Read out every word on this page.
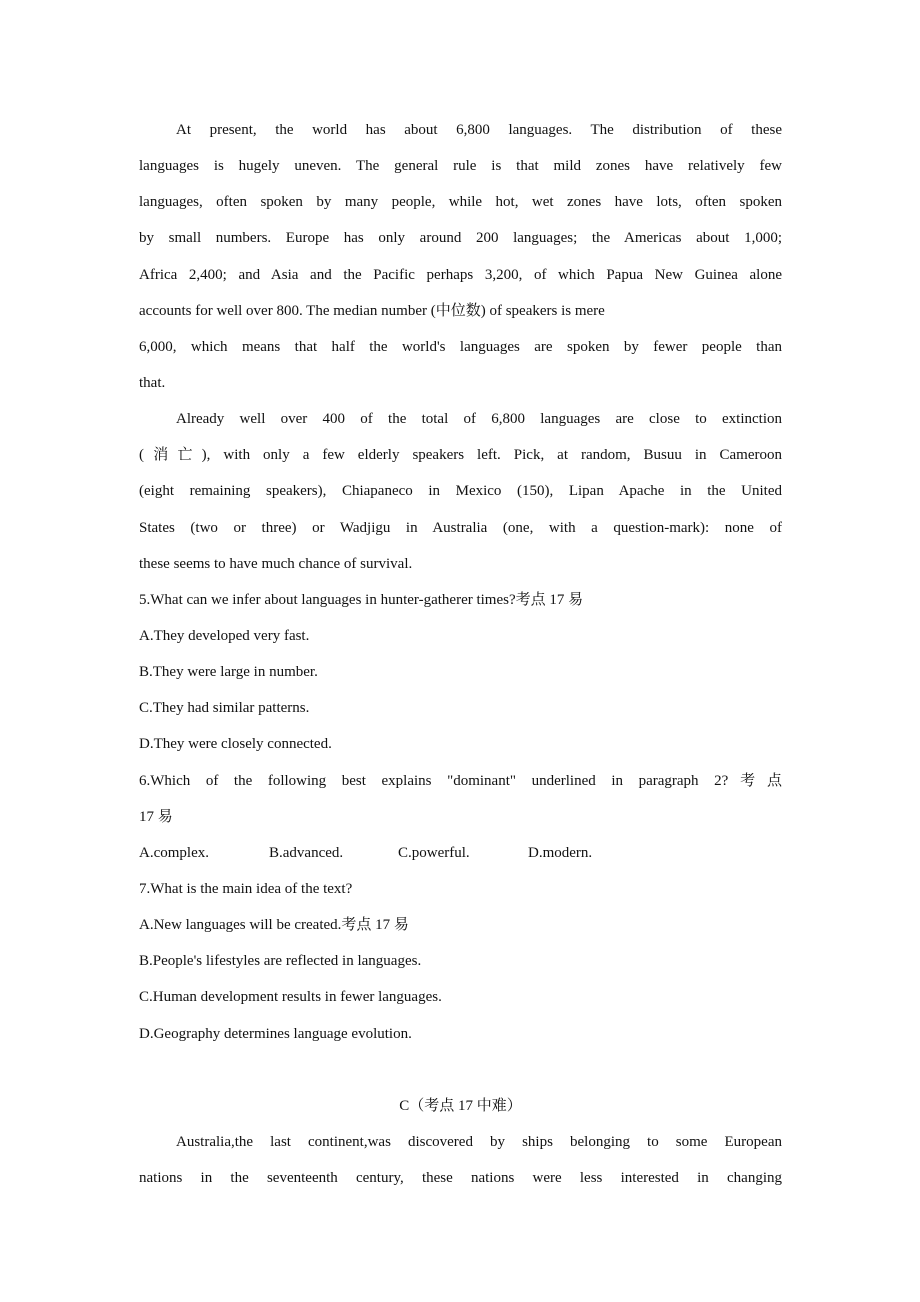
At present, the world has about 6,800 languages. The distribution of these
languages is hugely uneven. The general rule is that mild zones have relatively few
languages, often spoken by many people, while hot, wet zones have lots, often spoken
by small numbers. Europe has only around 200 languages; the Americas about 1,000;
Africa 2,400; and Asia and the Pacific perhaps 3,200, of which Papua New Guinea alone
accounts for well over 800. The median number (中位数) of speakers is mere
6,000, which means that half the world's languages are spoken by fewer people than
that.
Already well over 400 of the total of 6,800 languages are close to extinction
(消亡), with only a few elderly speakers left. Pick, at random, Busuu in Cameroon
(eight remaining speakers), Chiapaneco in Mexico (150), Lipan Apache in the United
States (two or three) or Wadjigu in Australia (one, with a question-mark): none of
these seems to have much chance of survival.
5.What can we infer about languages in hunter-gatherer times?考点 17 易
A.They developed very fast.
B.They were large in number.
C.They had similar patterns.
D.They were closely connected.
6.Which of the following best explains "dominant" underlined in paragraph 2?考点
17 易
A.complex.	B.advanced.	C.powerful.	D.modern.
7.What is the main idea of the text?
A.New languages will be created.考点 17 易
B.People's lifestyles are reflected in languages.
C.Human development results in fewer languages.
D.Geography determines language evolution.
C（考点 17 中难）
Australia,the last continent,was discovered by ships belonging to some European
nations in the seventeenth century, these nations were less interested in changing
